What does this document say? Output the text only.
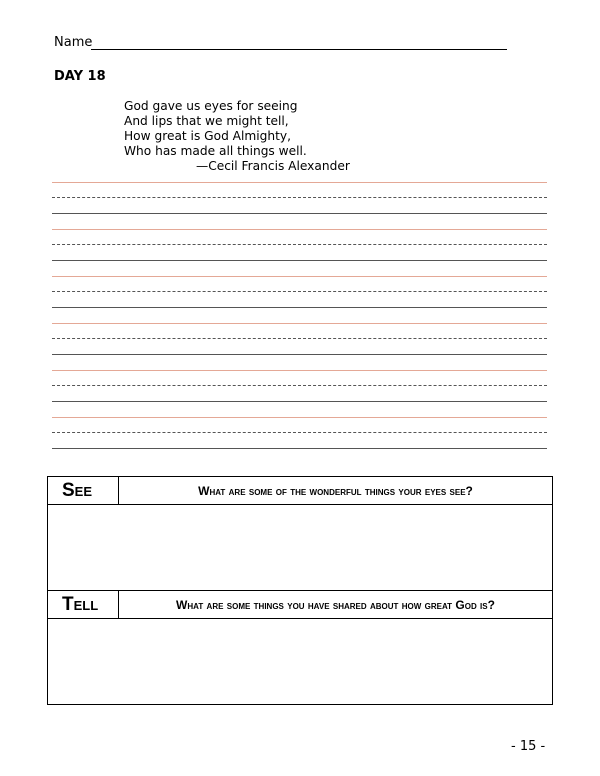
Name
DAY 18
God gave us eyes for seeing
And lips that we might tell,
How great is God Almighty,
Who has made all things well.
—Cecil Francis Alexander
See	What are some of the wonderful things your eyes see?

Tell	What are some things you have shared about how great God is?

- 15 -
